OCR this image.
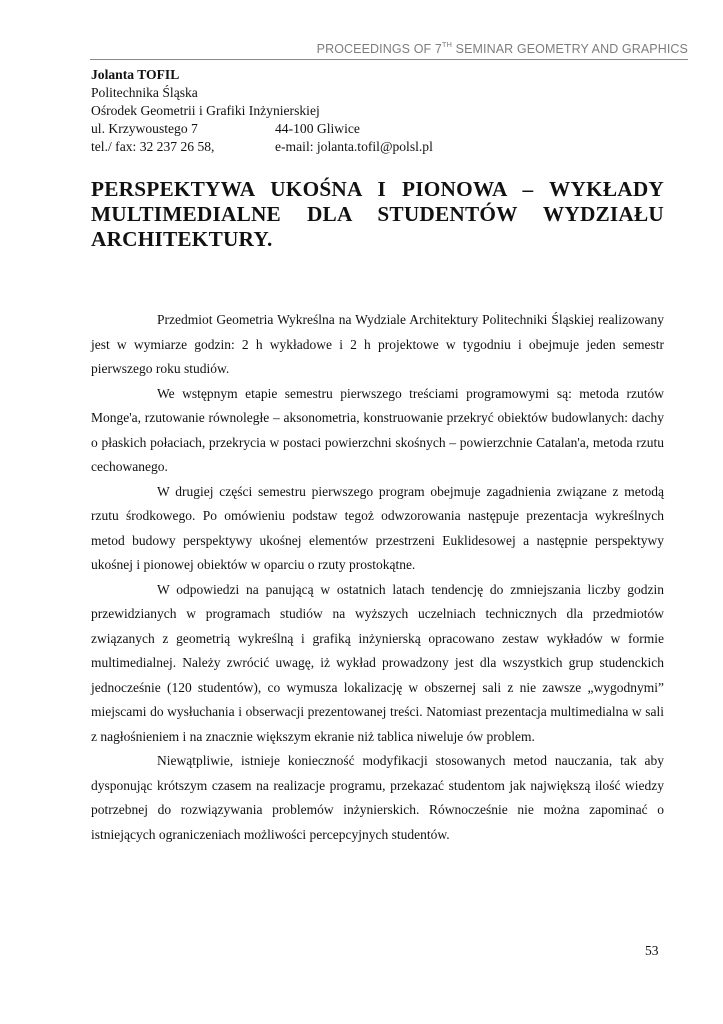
PROCEEDINGS OF 7TH SEMINAR GEOMETRY AND GRAPHICS
Jolanta TOFIL
Politechnika Śląska
Ośrodek Geometrii i Grafiki Inżynierskiej
ul. Krzywoustego 7	44-100 Gliwice
tel./ fax: 32 237 26 58,	e-mail: jolanta.tofil@polsl.pl
PERSPEKTYWA UKOŚNA I PIONOWA – WYKŁADY MULTIMEDIALNE DLA STUDENTÓW WYDZIAŁU ARCHITEKTURY.

Przedmiot Geometria Wykreślna na Wydziale Architektury Politechniki Śląskiej realizowany jest w wymiarze godzin: 2 h wykładowe i 2 h projektowe w tygodniu i obejmuje jeden semestr pierwszego roku studiów.

We wstępnym etapie semestru pierwszego treściami programowymi są: metoda rzutów Monge'a, rzutowanie równoległe – aksonometria, konstruowanie przekryć obiektów budowlanych: dachy o płaskich połaciach, przekrycia w postaci powierzchni skośnych – powierzchnie Catalan'a, metoda rzutu cechowanego.

W drugiej części semestru pierwszego program obejmuje zagadnienia związane z metodą rzutu środkowego. Po omówieniu podstaw tegoż odwzorowania następuje prezentacja wykreślnych metod budowy perspektywy ukośnej elementów przestrzeni Euklidesowej a następnie perspektywy ukośnej i pionowej obiektów w oparciu o rzuty prostokątne.

W odpowiedzi na panującą w ostatnich latach tendencję do zmniejszania liczby godzin przewidzianych w programach studiów na wyższych uczelniach technicznych dla przedmiotów związanych z geometrią wykreślną i grafiką inżynierską opracowano zestaw wykładów w formie multimedialnej. Należy zwrócić uwagę, iż wykład prowadzony jest dla wszystkich grup studenckich jednocześnie (120 studentów), co wymusza lokalizację w obszernej sali z nie zawsze „wygodnymi” miejscami do wysłuchania i obserwacji prezentowanej treści. Natomiast prezentacja multimedialna w sali z nagłośnieniem i na znacznie większym ekranie niż tablica niweluje ów problem.

Niewątpliwie, istnieje konieczność modyfikacji stosowanych metod nauczania, tak aby dysponując krótszym czasem na realizacje programu, przekazać studentom jak największą ilość wiedzy potrzebnej do rozwiązywania problemów inżynierskich. Równocześnie nie można zapominać o istniejących ograniczeniach możliwości percepcyjnych studentów.

53
